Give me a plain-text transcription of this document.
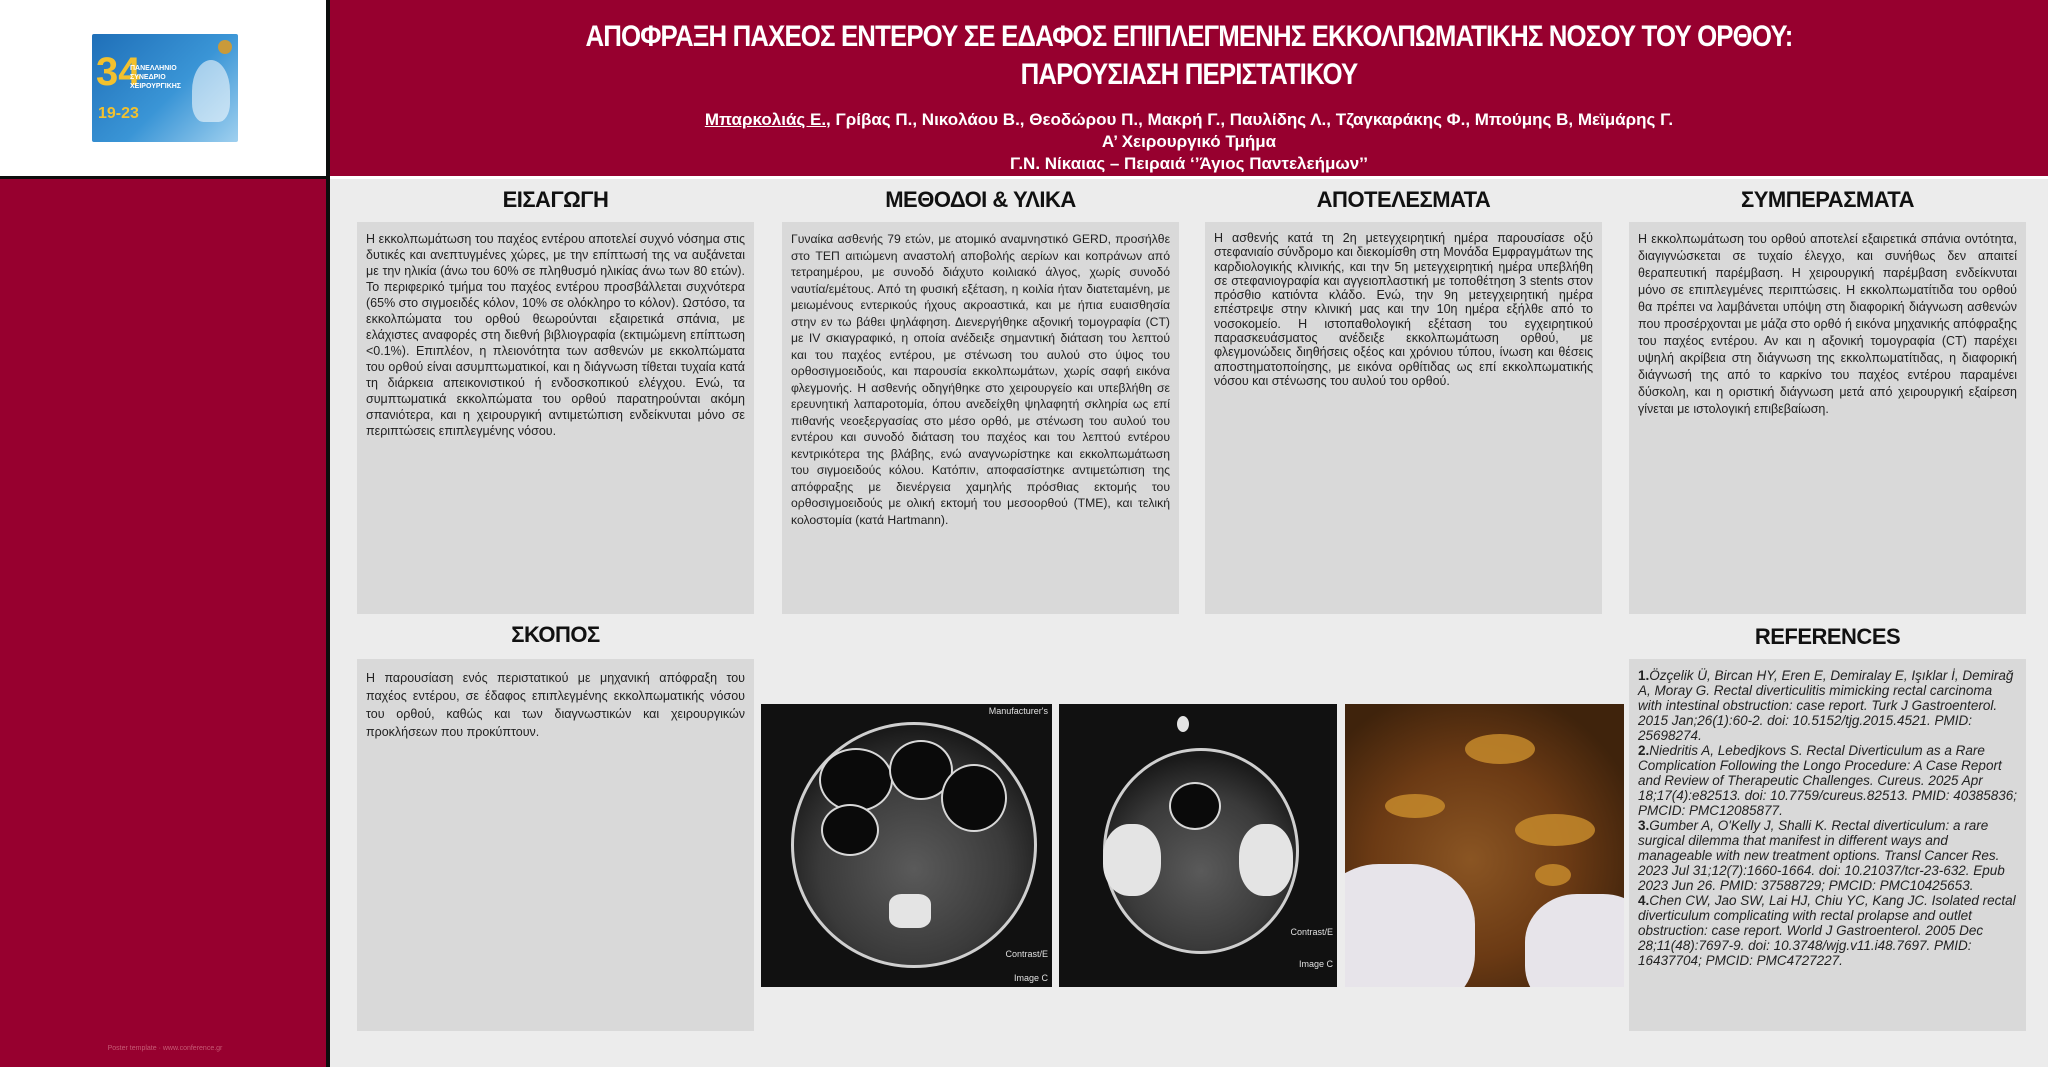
34
ΠΑΝΕΛΛΗΝΙΟ ΣΥΝΕΔΡΙΟ ΧΕΙΡΟΥΡΓΙΚΗΣ
19-23
Poster template · www.conference.gr
ΑΠΟΦΡΑΞΗ ΠΑΧΕΟΣ ΕΝΤΕΡΟΥ ΣΕ ΕΔΑΦΟΣ ΕΠΙΠΛΕΓΜΕΝΗΣ ΕΚΚΟΛΠΩΜΑΤΙΚΗΣ ΝΟΣΟΥ ΤΟΥ ΟΡΘΟΥ:
ΠΑΡΟΥΣΙΑΣΗ ΠΕΡΙΣΤΑΤΙΚΟΥ
Μπαρκολιάς Ε., Γρίβας Π., Νικολάου Β., Θεοδώρου Π., Μακρή Γ., Παυλίδης Λ., Τζαγκαράκης Φ., Μπούμης Β, Μεϊμάρης Γ.
Α’ Χειρουργικό Τμήμα
Γ.Ν. Νίκαιας – Πειραιά ‘’Άγιος Παντελεήμων’’
ΕΙΣΑΓΩΓΗ
Η εκκολπωμάτωση του παχέος εντέρου αποτελεί συχνό νόσημα στις δυτικές και ανεπτυγμένες χώρες, με την επίπτωσή της να αυξάνεται με την ηλικία (άνω του 60% σε πληθυσμό ηλικίας άνω των 80 ετών). Το περιφερικό τμήμα του παχέος εντέρου προσβάλλεται συχνότερα (65% στο σιγμοειδές κόλον, 10% σε ολόκληρο το κόλον). Ωστόσο, τα εκκολπώματα του ορθού θεωρούνται εξαιρετικά σπάνια, με ελάχιστες αναφορές στη διεθνή βιβλιογραφία (εκτιμώμενη επίπτωση <0.1%). Επιπλέον, η πλειονότητα των ασθενών με εκκολπώματα του ορθού είναι ασυμπτωματικοί, και η διάγνωση τίθεται τυχαία κατά τη διάρκεια απεικονιστικού ή ενδοσκοπικού ελέγχου. Ενώ, τα συμπτωματικά εκκολπώματα του ορθού παρατηρούνται ακόμη σπανιότερα, και η χειρουργική αντιμετώπιση ενδείκνυται μόνο σε περιπτώσεις επιπλεγμένης νόσου.
ΜΕΘΟΔΟΙ & ΥΛΙΚΑ
Γυναίκα ασθενής 79 ετών, με ατομικό αναμνηστικό GERD, προσήλθε στο ΤΕΠ αιτιώμενη αναστολή αποβολής αερίων και κοπράνων από τετραημέρου, με συνοδό διάχυτο κοιλιακό άλγος, χωρίς συνοδό ναυτία/εμέτους. Από τη φυσική εξέταση, η κοιλία ήταν διατεταμένη, με μειωμένους εντερικούς ήχους ακροαστικά, και με ήπια ευαισθησία στην εν τω βάθει ψηλάφηση. Διενεργήθηκε αξονική τομογραφία (CT) με IV σκιαγραφικό, η οποία ανέδειξε σημαντική διάταση του λεπτού και του παχέος εντέρου, με στένωση του αυλού στο ύψος του ορθοσιγμοειδούς, και παρουσία εκκολπωμάτων, χωρίς σαφή εικόνα φλεγμονής. Η ασθενής οδηγήθηκε στο χειρουργείο και υπεβλήθη σε ερευνητική λαπαροτομία, όπου ανεδείχθη ψηλαφητή σκληρία ως επί πιθανής νεοεξεργασίας στο μέσο ορθό, με στένωση του αυλού του εντέρου και συνοδό διάταση του παχέος και του λεπτού εντέρου κεντρικότερα της βλάβης, ενώ αναγνωρίστηκε και εκκολπωμάτωση του σιγμοειδούς κόλου. Κατόπιν, αποφασίστηκε αντιμετώπιση της απόφραξης με διενέργεια χαμηλής πρόσθιας εκτομής του ορθοσιγμοειδούς με ολική εκτομή του μεσοορθού (TME), και τελική κολοστομία (κατά Hartmann).
ΑΠΟΤΕΛΕΣΜΑΤΑ
Η ασθενής κατά τη 2η μετεγχειρητική ημέρα παρουσίασε οξύ στεφανιαίο σύνδρομο και διεκομίσθη στη Μονάδα Εμφραγμάτων της καρδιολογικής κλινικής, και την 5η μετεγχειρητική ημέρα υπεβλήθη σε στεφανιογραφία και αγγειοπλαστική με τοποθέτηση 3 stents στον πρόσθιο κατιόντα κλάδο. Ενώ, την 9η μετεγχειρητική ημέρα επέστρεψε στην κλινική μας και την 10η ημέρα εξήλθε από το νοσοκομείο. Η ιστοπαθολογική εξέταση του εγχειρητικού παρασκευάσματος ανέδειξε εκκολπωμάτωση ορθού, με φλεγμονώδεις διηθήσεις οξέος και χρόνιου τύπου, ίνωση και θέσεις αποστηματοποίησης, με εικόνα ορθίτιδας ως επί εκκολπωματικής νόσου και στένωσης του αυλού του ορθού.
ΣΥΜΠΕΡΑΣΜΑΤΑ
Η εκκολπωμάτωση του ορθού αποτελεί εξαιρετικά σπάνια οντότητα, διαγιγνώσκεται σε τυχαίο έλεγχο, και συνήθως δεν απαιτεί θεραπευτική παρέμβαση. Η χειρουργική παρέμβαση ενδείκνυται μόνο σε επιπλεγμένες περιπτώσεις. Η εκκολπωματίτιδα του ορθού θα πρέπει να λαμβάνεται υπόψη στη διαφορική διάγνωση ασθενών που προσέρχονται με μάζα στο ορθό ή εικόνα μηχανικής απόφραξης του παχέος εντέρου. Αν και η αξονική τομογραφία (CT) παρέχει υψηλή ακρίβεια στη διάγνωση της εκκολπωματίτιδας, η διαφορική διάγνωσή της από το καρκίνο του παχέος εντέρου παραμένει δύσκολη, και η οριστική διάγνωση μετά από χειρουργική εξαίρεση γίνεται με ιστολογική επιβεβαίωση.
ΣΚΟΠΟΣ
Η παρουσίαση ενός περιστατικού με μηχανική απόφραξη του παχέος εντέρου, σε έδαφος επιπλεγμένης εκκολπωματικής νόσου του ορθού, καθώς και των διαγνωστικών και χειρουργικών προκλήσεων που προκύπτουν.
Manufacturer's
Contrast/E
Image C
Contrast/E
Image C
REFERENCES
1.Özçelik Ü, Bircan HY, Eren E, Demiralay E, Işıklar İ, Demirağ A, Moray G. Rectal diverticulitis mimicking rectal carcinoma with intestinal obstruction: case report. Turk J Gastroenterol. 2015 Jan;26(1):60-2. doi: 10.5152/tjg.2015.4521. PMID: 25698274.
2.Niedritis A, Lebedjkovs S. Rectal Diverticulum as a Rare Complication Following the Longo Procedure: A Case Report and Review of Therapeutic Challenges. Cureus. 2025 Apr 18;17(4):e82513. doi: 10.7759/cureus.82513. PMID: 40385836; PMCID: PMC12085877.
3.Gumber A, O'Kelly J, Shalli K. Rectal diverticulum: a rare surgical dilemma that manifest in different ways and manageable with new treatment options. Transl Cancer Res. 2023 Jul 31;12(7):1660-1664. doi: 10.21037/tcr-23-632. Epub 2023 Jun 26. PMID: 37588729; PMCID: PMC10425653.
4.Chen CW, Jao SW, Lai HJ, Chiu YC, Kang JC. Isolated rectal diverticulum complicating with rectal prolapse and outlet obstruction: case report. World J Gastroenterol. 2005 Dec 28;11(48):7697-9. doi: 10.3748/wjg.v11.i48.7697. PMID: 16437704; PMCID: PMC4727227.
